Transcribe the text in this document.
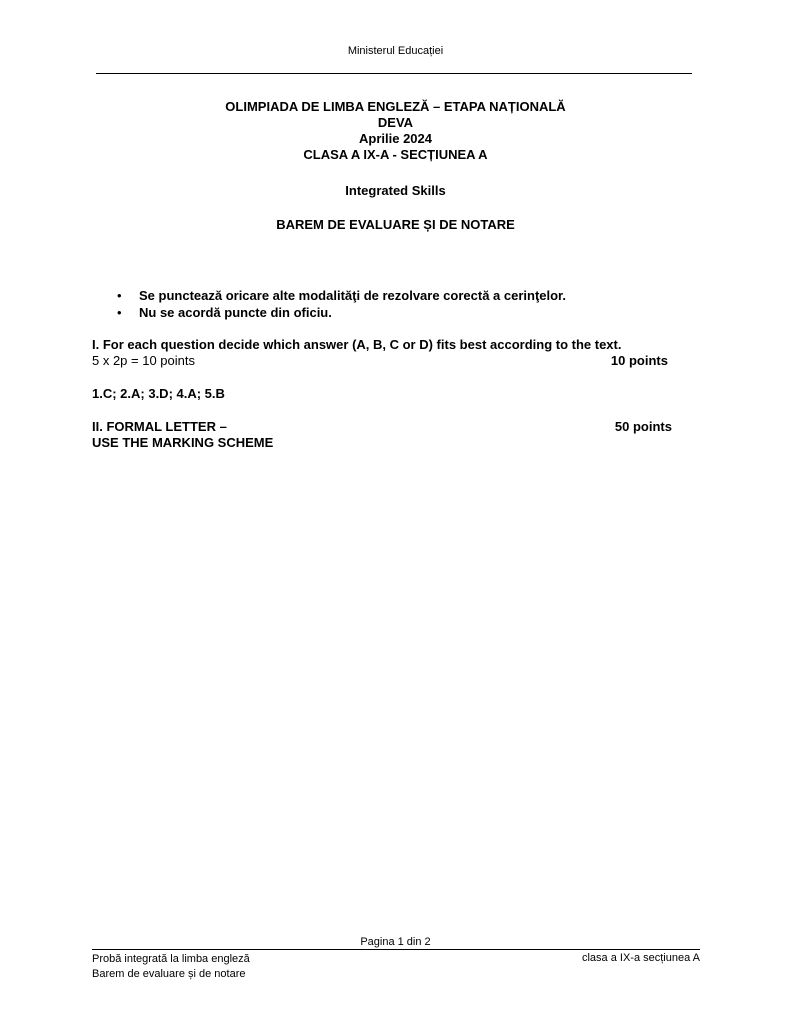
Ministerul Educației
OLIMPIADA DE LIMBA ENGLEZĂ – ETAPA NAȚIONALĂ
DEVA
Aprilie 2024
CLASA A IX-A - SECȚIUNEA A
Integrated Skills
BAREM DE EVALUARE ȘI DE NOTARE
•	Se punctează oricare alte modalităţi de rezolvare corectă a cerinţelor.
•	Nu se acordă puncte din oficiu.
I. For each question decide which answer (A, B, C or D) fits best according to the text.
5 x 2p = 10 points	10 points
1.C; 2.A; 3.D; 4.A; 5.B
II. FORMAL LETTER –	50 points
USE THE MARKING SCHEME
Pagina 1 din 2
Probă integrată la limba engleză
Barem de evaluare și de notare
clasa a IX-a secțiunea A
